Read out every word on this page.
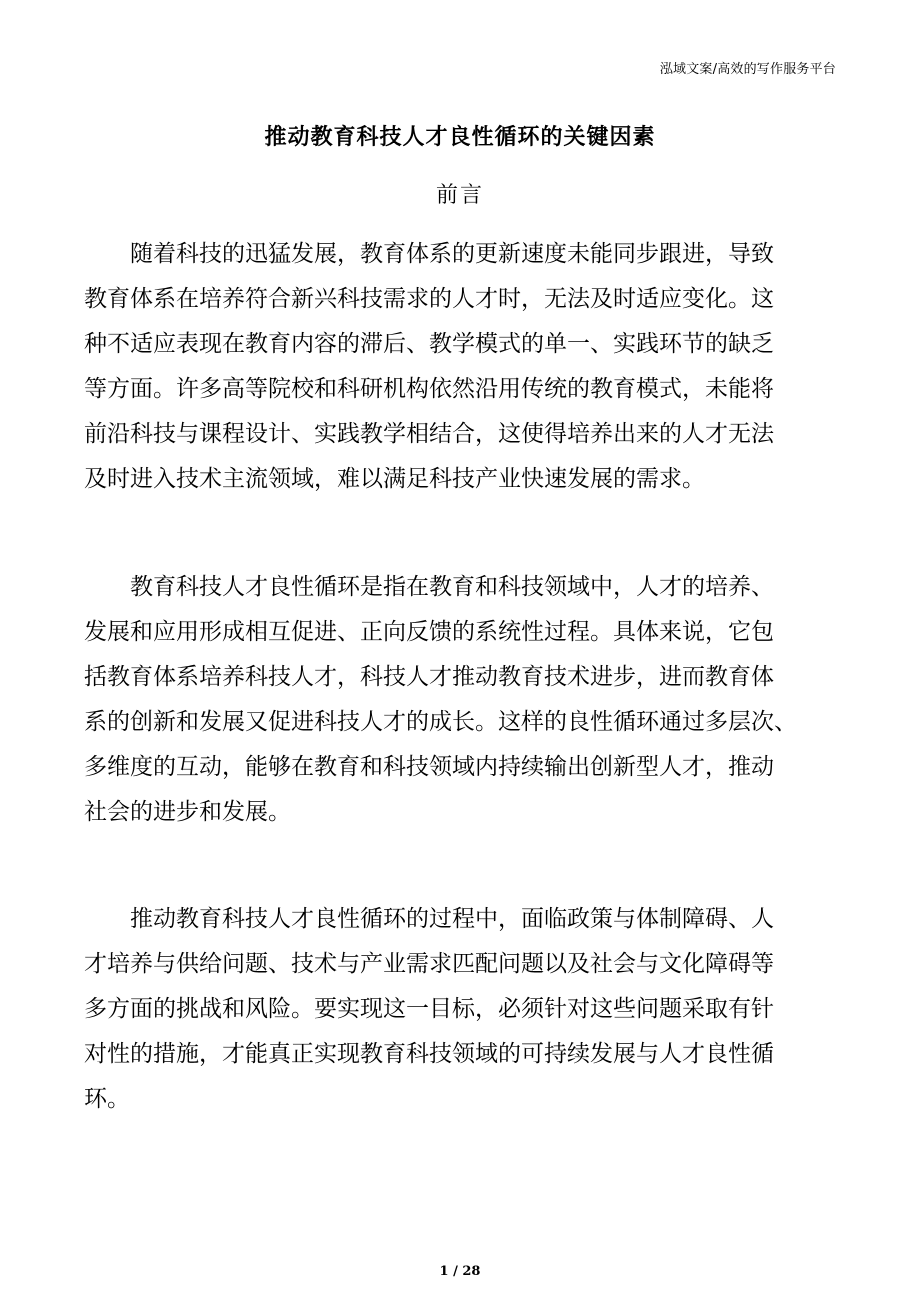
泓域文案/高效的写作服务平台
推动教育科技人才良性循环的关键因素
前言
　　随着科技的迅猛发展，教育体系的更新速度未能同步跟进，导致
教育体系在培养符合新兴科技需求的人才时，无法及时适应变化。这
种不适应表现在教育内容的滞后、教学模式的单一、实践环节的缺乏
等方面。许多高等院校和科研机构依然沿用传统的教育模式，未能将
前沿科技与课程设计、实践教学相结合，这使得培养出来的人才无法
及时进入技术主流领域，难以满足科技产业快速发展的需求。
　　教育科技人才良性循环是指在教育和科技领域中，人才的培养、
发展和应用形成相互促进、正向反馈的系统性过程。具体来说，它包
括教育体系培养科技人才，科技人才推动教育技术进步，进而教育体
系的创新和发展又促进科技人才的成长。这样的良性循环通过多层次、
多维度的互动，能够在教育和科技领域内持续输出创新型人才，推动
社会的进步和发展。
　　推动教育科技人才良性循环的过程中，面临政策与体制障碍、人
才培养与供给问题、技术与产业需求匹配问题以及社会与文化障碍等
多方面的挑战和风险。要实现这一目标，必须针对这些问题采取有针
对性的措施，才能真正实现教育科技领域的可持续发展与人才良性循
环。
1 / 28
